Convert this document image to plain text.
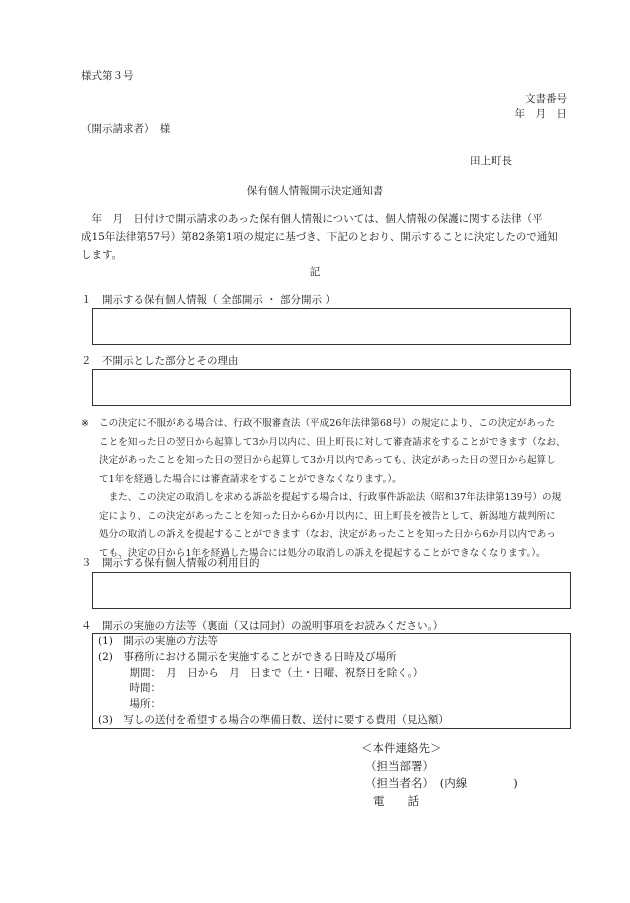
様式第３号
文書番号
年　月　日
（開示請求者）　様
田上町長
保有個人情報開示決定通知書
　年　月　日付けで開示請求のあった保有個人情報については、個人情報の保護に関する法律（平
成15年法律第57号）第82条第1項の規定に基づき、下記のとおり、開示することに決定したので通知
します。
記
１　開示する保有個人情報（ 全部開示 ・ 部分開示 ）
２　不開示とした部分とその理由
※ この決定に不服がある場合は、行政不服審査法（平成26年法律第68号）の規定により、この決定があった
ことを知った日の翌日から起算して3か月以内に、田上町長に対して審査請求をすることができます（なお、
決定があったことを知った日の翌日から起算して3か月以内であっても、決定があった日の翌日から起算し
て1年を経過した場合には審査請求をすることができなくなります。）。
　また、この決定の取消しを求める訴訟を提起する場合は、行政事件訴訟法（昭和37年法律第139号）の規
定により、この決定があったことを知った日から6か月以内に、田上町長を被告として、新潟地方裁判所に
処分の取消しの訴えを提起することができます（なお、決定があったことを知った日から6か月以内であっ
ても、決定の日から1年を経過した場合には処分の取消しの訴えを提起することができなくなります。）。
３　開示する保有個人情報の利用目的
４　開示の実施の方法等（裏面（又は同封）の説明事項をお読みください。）
(1)　開示の実施の方法等
(2)　事務所における開示を実施することができる日時及び場所
　　　期間：　月　日から　月　日まで（土・日曜、祝祭日を除く。）
　　　時間：
　　　場所：
(3)　写しの送付を希望する場合の準備日数、送付に要する費用（見込額）
＜本件連絡先＞
（担当部署）
（担当者名）　(内線　　　　)
電　　話
